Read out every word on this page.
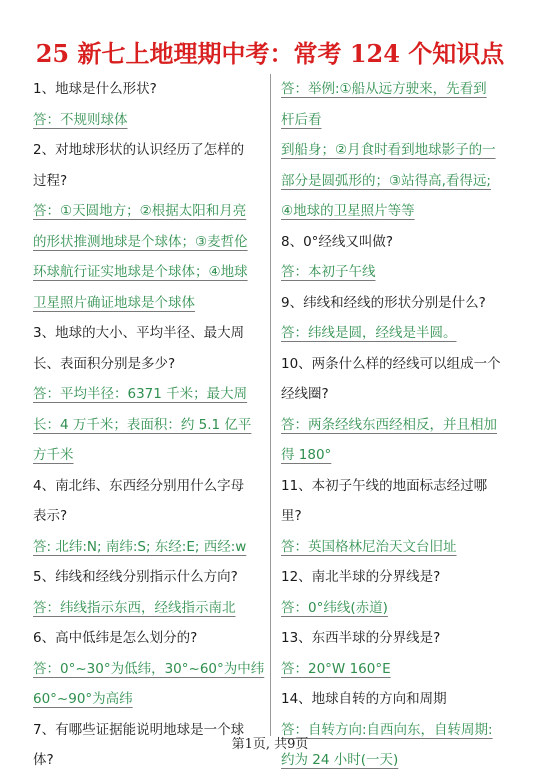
25 新七上地理期中考：常考 124 个知识点
1、地球是什么形状?
答：不规则球体
2、对地球形状的认识经历了怎样的
过程?
答：①天圆地方；②根据太阳和月亮
的形状推测地球是个球体；③麦哲伦
环球航行证实地球是个球体；④地球
卫星照片确证地球是个球体
3、地球的大小、平均半径、最大周
长、表面积分别是多少?
答：平均半径：6371 千米；最大周
长：4 万千米；表面积：约 5.1 亿平
方千米
4、南北纬、东西经分别用什么字母
表示?
答: 北纬:N; 南纬:S; 东经:E; 西经:w
5、纬线和经线分别指示什么方向?
答：纬线指示东西，经线指示南北
6、高中低纬是怎么划分的?
答：0°~30°为低纬，30°~60°为中纬
60°~90°为高纬
7、有哪些证据能说明地球是一个球
体?
答：举例:①船从远方驶来，先看到
杆后看
到船身；②月食时看到地球影子的一
部分是圆弧形的；③站得高,看得远;
④地球的卫星照片等等
8、0°经线又叫做?
答：本初子午线
9、纬线和经线的形状分别是什么?
答：纬线是圆，经线是半圆。
10、两条什么样的经线可以组成一个
经线圈?
答：两条经线东西经相反，并且相加
得 180°
11、本初子午线的地面标志经过哪
里?
答：英国格林尼治天文台旧址
12、南北半球的分界线是?
答：0°纬线(赤道)
13、东西半球的分界线是?
答：20°W 160°E
14、地球自转的方向和周期
答：自转方向:自西向东，自转周期:
约为 24 小时(一天)
第1页, 共9页
